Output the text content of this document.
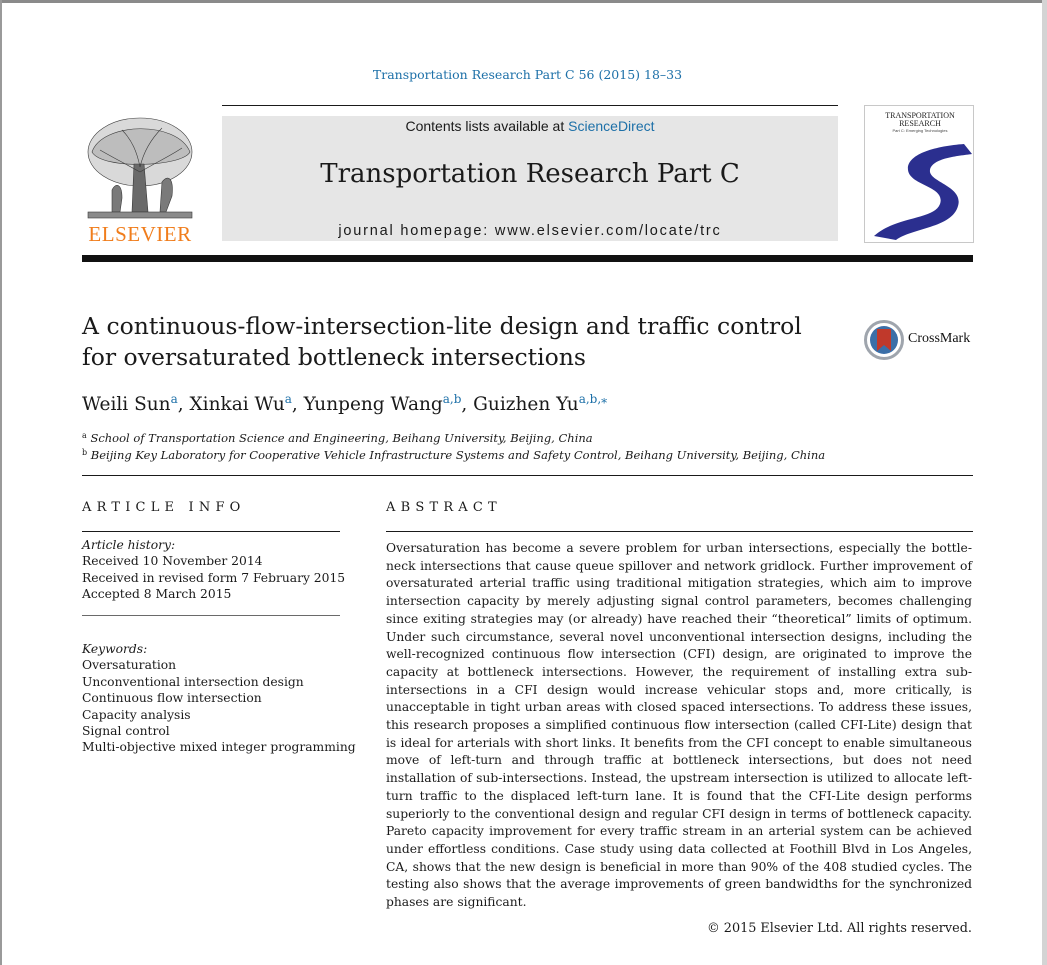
Transportation Research Part C 56 (2015) 18–33
ELSEVIER
Contents lists available at ScienceDirect
Transportation Research Part C
journal homepage: www.elsevier.com/locate/trc
TRANSPORTATION
RESEARCH
Part C: Emerging Technologies
A continuous-flow-intersection-lite design and traffic control
for oversaturated bottleneck intersections
CrossMark
Weili Sun$^a$, Xinkai Wu$^a$, Yunpeng Wang$^{a,b}$, Guizhen $Yu^{a,b,⁎}$
$^a$ School of Transportation Science and Engineering, Beihang University, Beijing, China
$^b$ Beijing Key Laboratory for Cooperative Vehicle Infrastructure Systems and Safety Control, Beihang University, Beijing, China
ARTICLE INFO	ABSTRACT
Article history:
Received 10 November 2014
Received in revised form 7 February 2015
Accepted 8 March 2015
Keywords:
Oversaturation
Unconventional intersection design
Continuous flow intersection
Capacity analysis
Signal control
Multi-objective mixed integer programming
Oversaturation has become a severe problem for urban intersections, especially the bottleneck intersections that cause queue spillover and network gridlock. Further improvement of oversaturated arterial traffic using traditional mitigation strategies, which aim to improve intersection capacity by merely adjusting signal control parameters, becomes challenging since exiting strategies may (or already) have reached their “theoretical” limits of optimum. Under such circumstance, several novel unconventional intersection designs, including the well-recognized continuous flow intersection (CFI) design, are originated to improve the capacity at bottleneck intersections. However, the requirement of installing extra sub-intersections in a CFI design would increase vehicular stops and, more critically, is unacceptable in tight urban areas with closed spaced intersections. To address these issues, this research proposes a simplified continuous flow intersection (called CFI-Lite) design that is ideal for arterials with short links. It benefits from the CFI concept to enable simultaneous move of left-turn and through traffic at bottleneck intersections, but does not need installation of sub-intersections. Instead, the upstream intersection is utilized to allocate left-turn traffic to the displaced left-turn lane. It is found that the CFI-Lite design performs superiorly to the conventional design and regular CFI design in terms of bottleneck capacity. Pareto capacity improvement for every traffic stream in an arterial system can be achieved under effortless conditions. Case study using data collected at Foothill Blvd in Los Angeles, CA, shows that the new design is beneficial in more than 90% of the 408 studied cycles. The testing also shows that the average improvements of green bandwidths for the synchronized phases are significant.
© 2015 Elsevier Ltd. All rights reserved.
